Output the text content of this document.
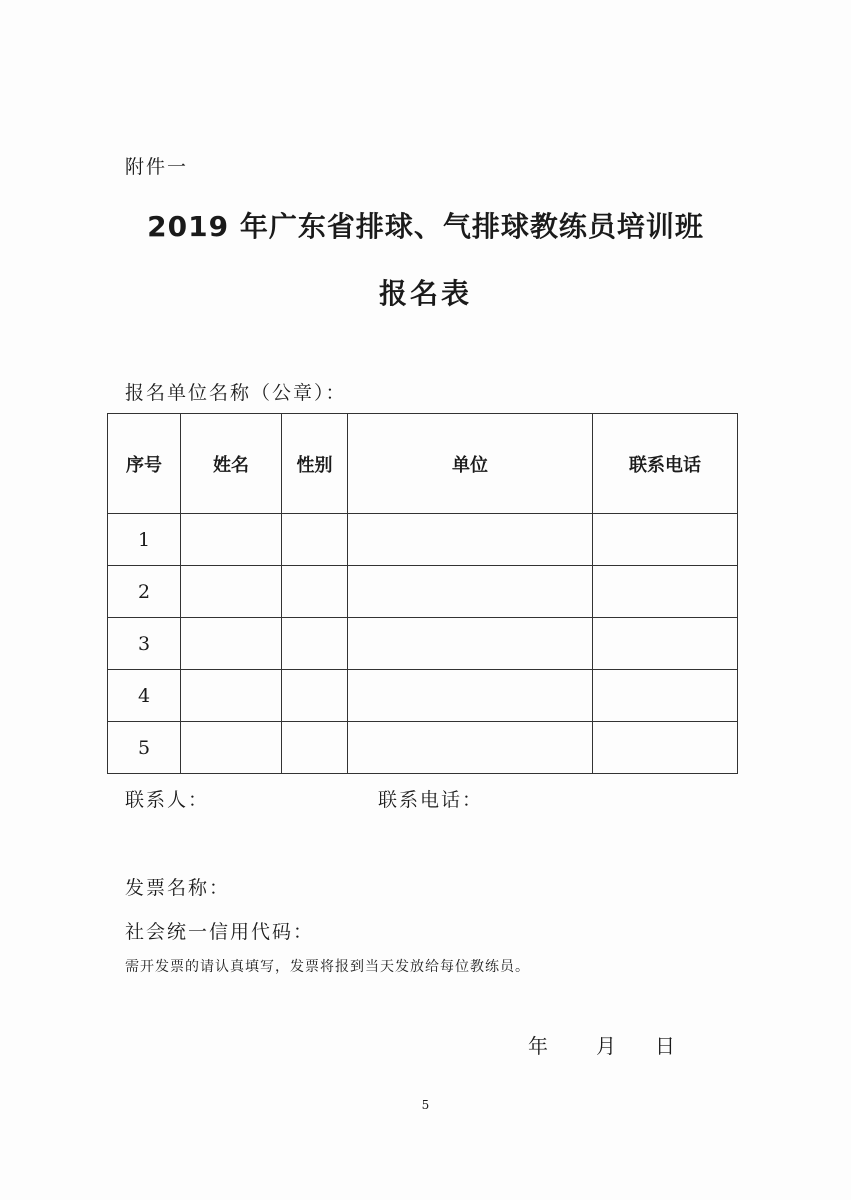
附件一
2019 年广东省排球、气排球教练员培训班
报名表
报名单位名称（公章）：
序号	姓名	性别	单位	联系电话
1				
2				
3				
4				
5				
联系人：	联系电话：
发票名称：
社会统一信用代码：
需开发票的请认真填写，发票将报到当天发放给每位教练员。
年 月 日
5
